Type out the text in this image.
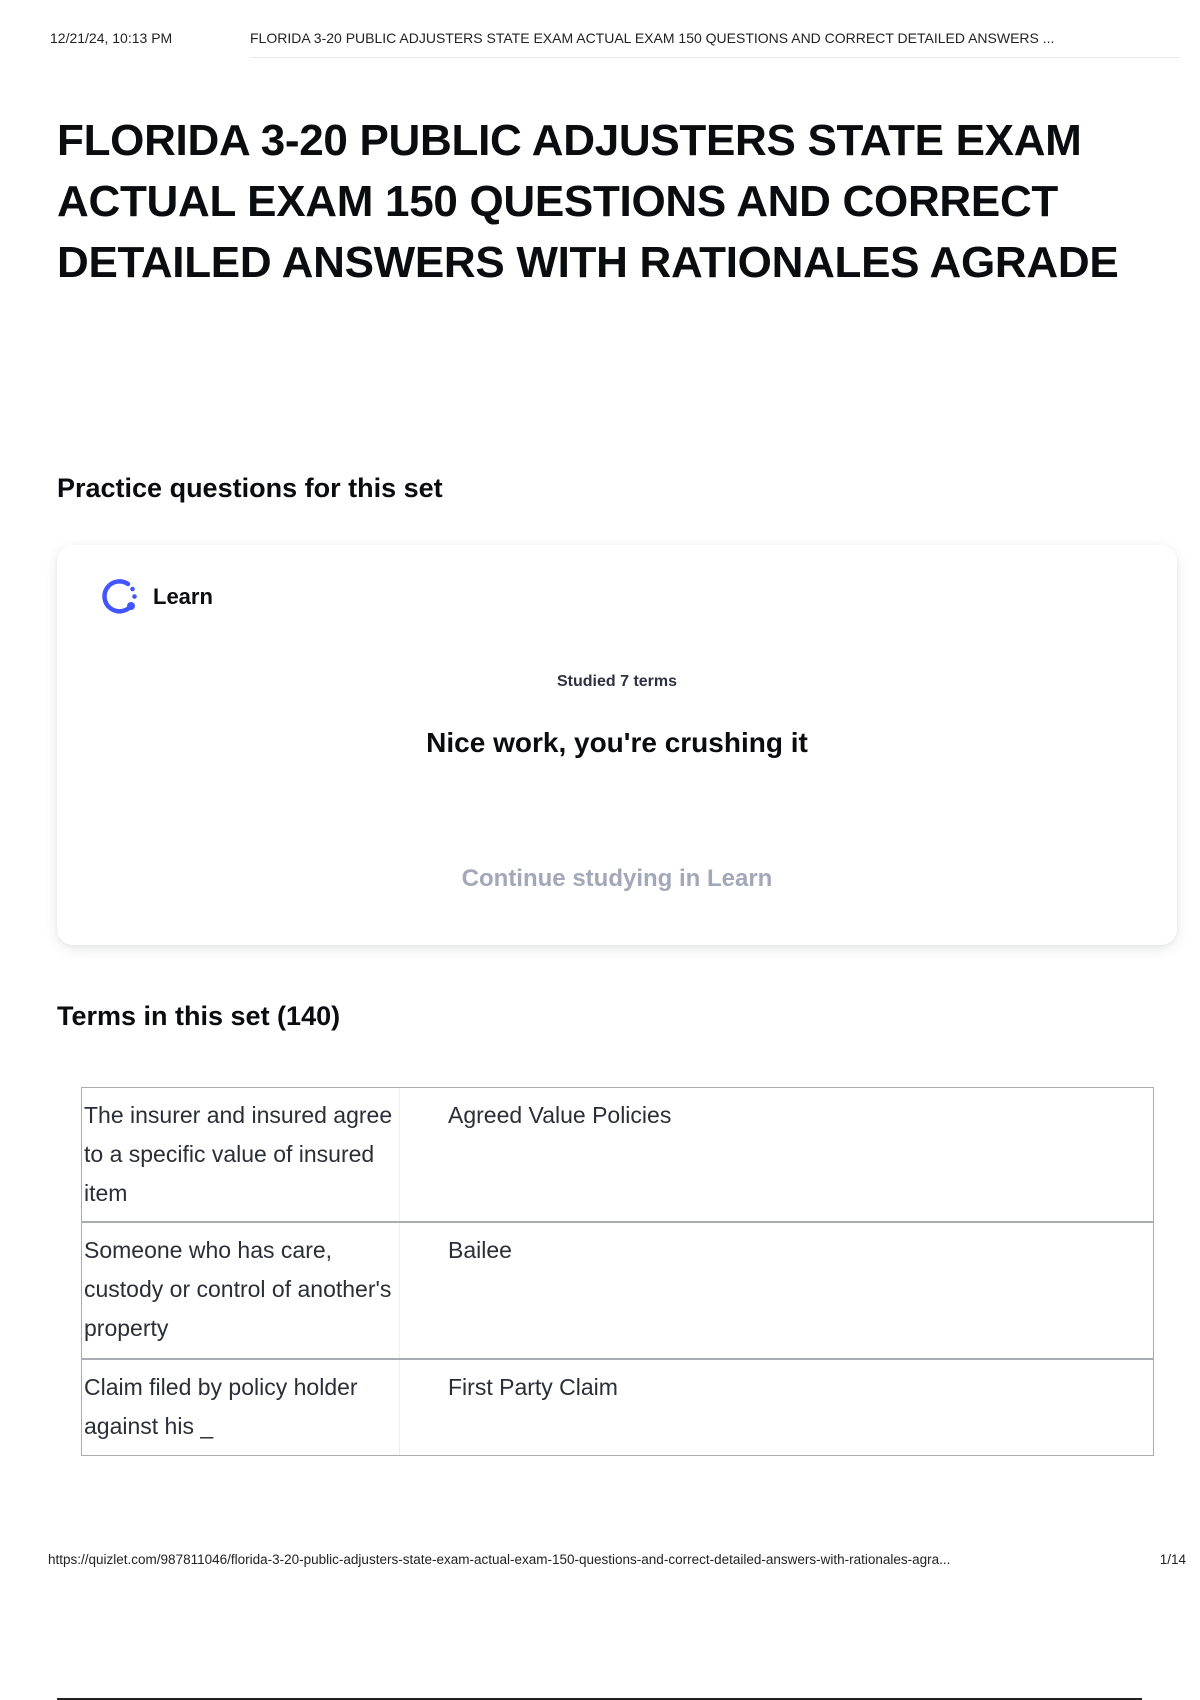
12/21/24, 10:13 PM	FLORIDA 3-20 PUBLIC ADJUSTERS STATE EXAM ACTUAL EXAM 150 QUESTIONS AND CORRECT DETAILED ANSWERS ...
FLORIDA 3-20 PUBLIC ADJUSTERS STATE EXAM ACTUAL EXAM 150 QUESTIONS AND CORRECT DETAILED ANSWERS WITH RATIONALES AGRADE
Practice questions for this set
Learn
Studied 7 terms
Nice work, you're crushing it
Continue studying in Learn
Terms in this set (140)
The insurer and insured agree to a specific value of insured item
Agreed Value Policies
Someone who has care, custody or control of another's property
Bailee
Claim filed by policy holder against his _
First Party Claim
https://quizlet.com/987811046/florida-3-20-public-adjusters-state-exam-actual-exam-150-questions-and-correct-detailed-answers-with-rationales-agra...	1/14
